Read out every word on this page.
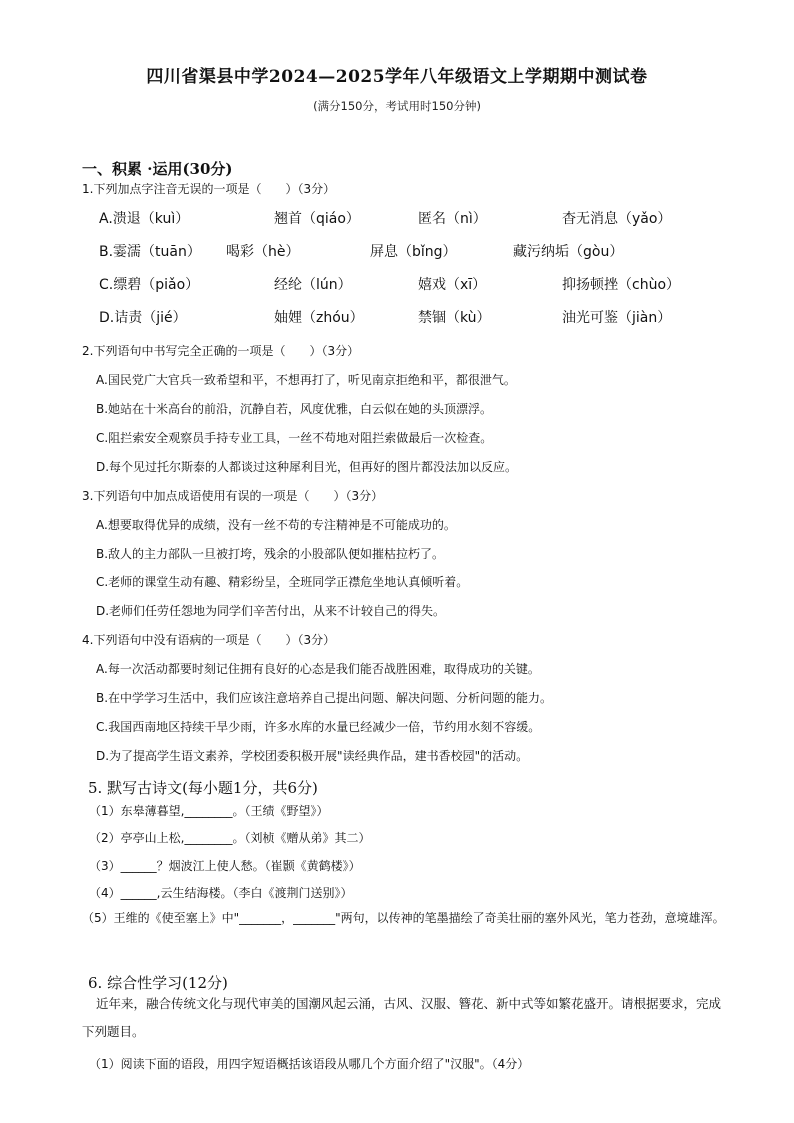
四川省渠县中学2024—2025学年八年级语文上学期期中测试卷
(满分150分，考试用时150分钟)
一、积累 ·运用(30分)
1.下列加点字注音无误的一项是（　　）（3分）
A.溃退（kuì）	翘首（qiáo）	匿名（nì）	杳无消息（yǎo）
B.霎濡（tuān） 喝彩（hè）	屏息（bǐng）	藏污纳垢（gòu）
C.缥碧（piǎo）	经纶（lún）	嬉戏（xī）	抑扬顿挫（chùo）
D.诘责（jié）	妯娌（zhóu）	禁锢（kù）	油光可鉴（jiàn）
2.下列语句中书写完全正确的一项是（　　）（3分）
A.国民党广大官兵一致希望和平，不想再打了，听见南京拒绝和平，都很泄气。
B.她站在十米高台的前沿，沉静自若，风度优雅，白云似在她的头顶漂浮。
C.阻拦索安全观察员手持专业工具，一丝不苟地对阻拦索做最后一次检查。
D.每个见过托尔斯泰的人都谈过这种犀利目光，但再好的图片都没法加以反应。
3.下列语句中加点成语使用有误的一项是（　　）（3分）
A.想要取得优异的成绩，没有一丝不苟的专注精神是不可能成功的。
B.敌人的主力部队一旦被打垮，残余的小股部队便如摧枯拉朽了。
C.老师的课堂生动有趣、精彩纷呈，全班同学正襟危坐地认真倾听着。
D.老师们任劳任怨地为同学们辛苦付出，从来不计较自己的得失。
4.下列语句中没有语病的一项是（　　）（3分）
A.每一次活动都要时刻记住拥有良好的心态是我们能否战胜困难，取得成功的关键。
B.在中学学习生活中，我们应该注意培养自己提出问题、解决问题、分析问题的能力。
C.我国西南地区持续干旱少雨，许多水库的水量已经减少一倍，节约用水刻不容缓。
D.为了提高学生语文素养，学校团委积极开展"读经典作品，建书香校园"的活动。
5. 默写古诗文(每小题1分，共6分)
（1）东皋薄暮望,________。（王绩《野望》）
（2）亭亭山上松,________。（刘桢《赠从弟》其二）
（3）______？烟波江上使人愁。（崔颢《黄鹤楼》）
（4）______,云生结海楼。（李白《渡荆门送别》）
（5）王维的《使至塞上》中"_______，_______"两句，以传神的笔墨描绘了奇美壮丽的塞外风光，笔力苍劲，意境雄浑。
6. 综合性学习(12分)
近年来，融合传统文化与现代审美的国潮风起云涌，古风、汉服、簪花、新中式等如繁花盛开。请根据要求，完成下列题目。
（1）阅读下面的语段，用四字短语概括该语段从哪几个方面介绍了"汉服"。（4分）
